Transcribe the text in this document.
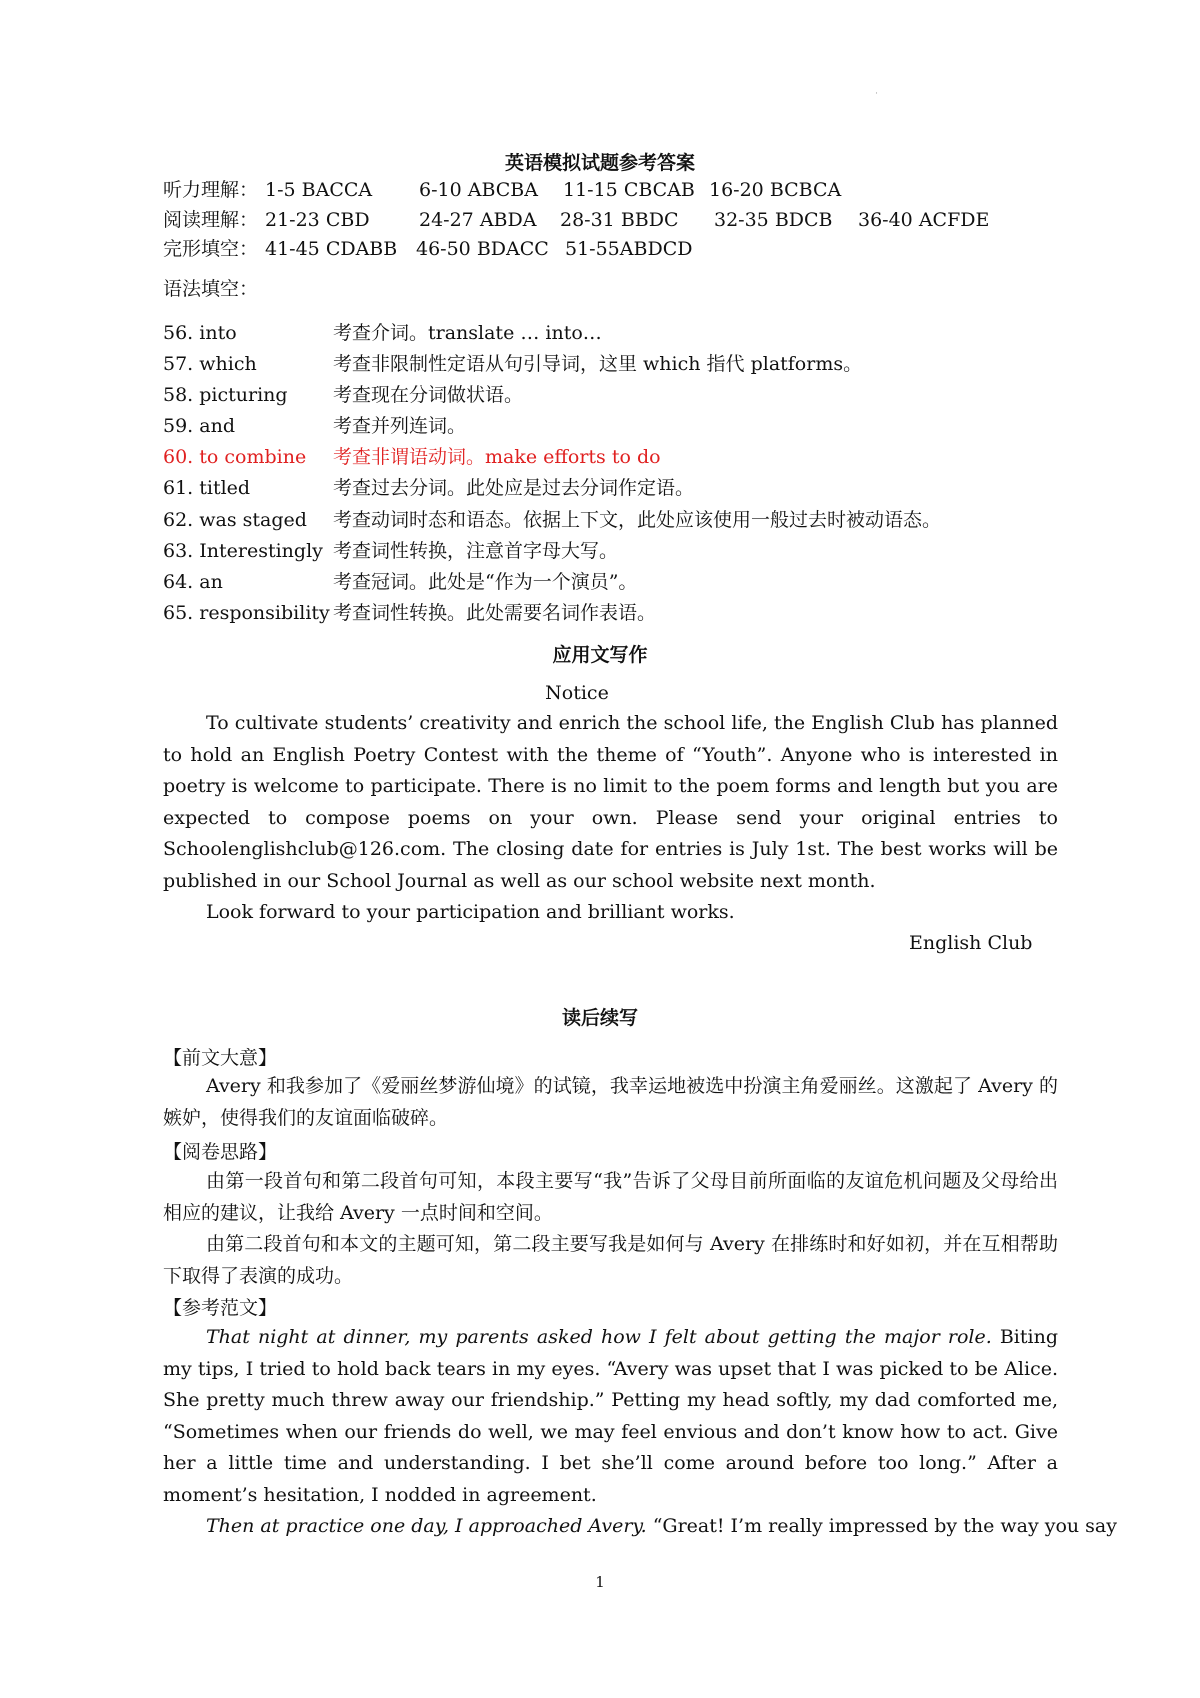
˙
英语模拟试题参考答案
听力理解： 1-5 BACCA 6-10 ABCBA 11-15 CBCAB 16-20 BCBCA
阅读理解： 21-23 CBD	24-27 ABDA 28-31 BBDC 32-35 BDCB 36-40 ACFDE
完形填空： 41-45 CDABB 46-50 BDACC 51-55ABDCD
语法填空：
56. into	考查介词。translate … into…
57. which	考查非限制性定语从句引导词，这里 which 指代 platforms。
58. picturing 考查现在分词做状语。
59. and	考查并列连词。
60. to combine 考查非谓语动词。make efforts to do
61. titled	考查过去分词。此处应是过去分词作定语。
62. was staged 考查动词时态和语态。依据上下文，此处应该使用一般过去时被动语态。
63. Interestingly 考查词性转换，注意首字母大写。
64. an	考查冠词。此处是“作为一个演员”。
65. responsibility 考查词性转换。此处需要名词作表语。
应用文写作
Notice

To cultivate students’ creativity and enrich the school life, the English Club has planned to hold an English Poetry Contest with the theme of “Youth”. Anyone who is interested in poetry is welcome to participate. There is no limit to the poem forms and length but you are expected to compose poems on your own. Please send your original entries to Schoolenglishclub@126.com. The closing date for entries is July 1st. The best works will be published in our School Journal as well as our school website next month.

Look forward to your participation and brilliant works.

English Club
读后续写
【前文大意】

Avery 和我参加了《爱丽丝梦游仙境》的试镜，我幸运地被选中扮演主角爱丽丝。这激起了 Avery 的嫉妒，使得我们的友谊面临破碎。

【阅卷思路】

由第一段首句和第二段首句可知，本段主要写“我”告诉了父母目前所面临的友谊危机问题及父母给出相应的建议，让我给 Avery 一点时间和空间。

由第二段首句和本文的主题可知，第二段主要写我是如何与 Avery 在排练时和好如初，并在互相帮助下取得了表演的成功。

【参考范文】

That night at dinner, my parents asked how I felt about getting the major role. Biting my tips, I tried to hold back tears in my eyes. “Avery was upset that I was picked to be Alice. She pretty much threw away our friendship.” Petting my head softly, my dad comforted me, “Sometimes when our friends do well, we may feel envious and don’t know how to act. Give her a little time and understanding. I bet she’ll come around before too long.” After a moment’s hesitation, I nodded in agreement.

Then at practice one day, I approached Avery. “Great! I’m really impressed by the way you say

1
